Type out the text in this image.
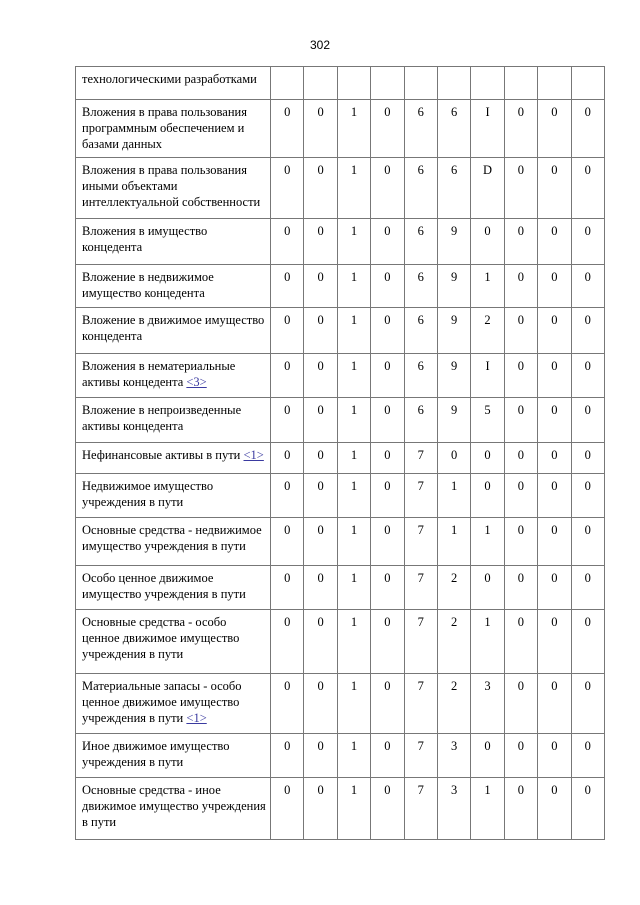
302
технологическими разработками										
Вложения в права пользования программным обеспечением и базами данных	0	0	1	0	6	6	I	0	0	0
Вложения в права пользования иными объектами интеллектуальной собственности	0	0	1	0	6	6	D	0	0	0
Вложения в имущество концедента	0	0	1	0	6	9	0	0	0	0
Вложение в недвижимое имущество концедента	0	0	1	0	6	9	1	0	0	0
Вложение в движимое имущество концедента	0	0	1	0	6	9	2	0	0	0
Вложения в нематериальные активы концедента <3>	0	0	1	0	6	9	I	0	0	0
Вложение в непроизведенные активы концедента	0	0	1	0	6	9	5	0	0	0
Нефинансовые активы в пути <1>	0	0	1	0	7	0	0	0	0	0
Недвижимое имущество учреждения в пути	0	0	1	0	7	1	0	0	0	0
Основные средства - недвижимое имущество учреждения в пути	0	0	1	0	7	1	1	0	0	0
Особо ценное движимое имущество учреждения в пути	0	0	1	0	7	2	0	0	0	0
Основные средства - особо ценное движимое имущество учреждения в пути	0	0	1	0	7	2	1	0	0	0
Материальные запасы - особо ценное движимое имущество учреждения в пути <1>	0	0	1	0	7	2	3	0	0	0
Иное движимое имущество учреждения в пути	0	0	1	0	7	3	0	0	0	0
Основные средства - иное движимое имущество учреждения в пути	0	0	1	0	7	3	1	0	0	0
